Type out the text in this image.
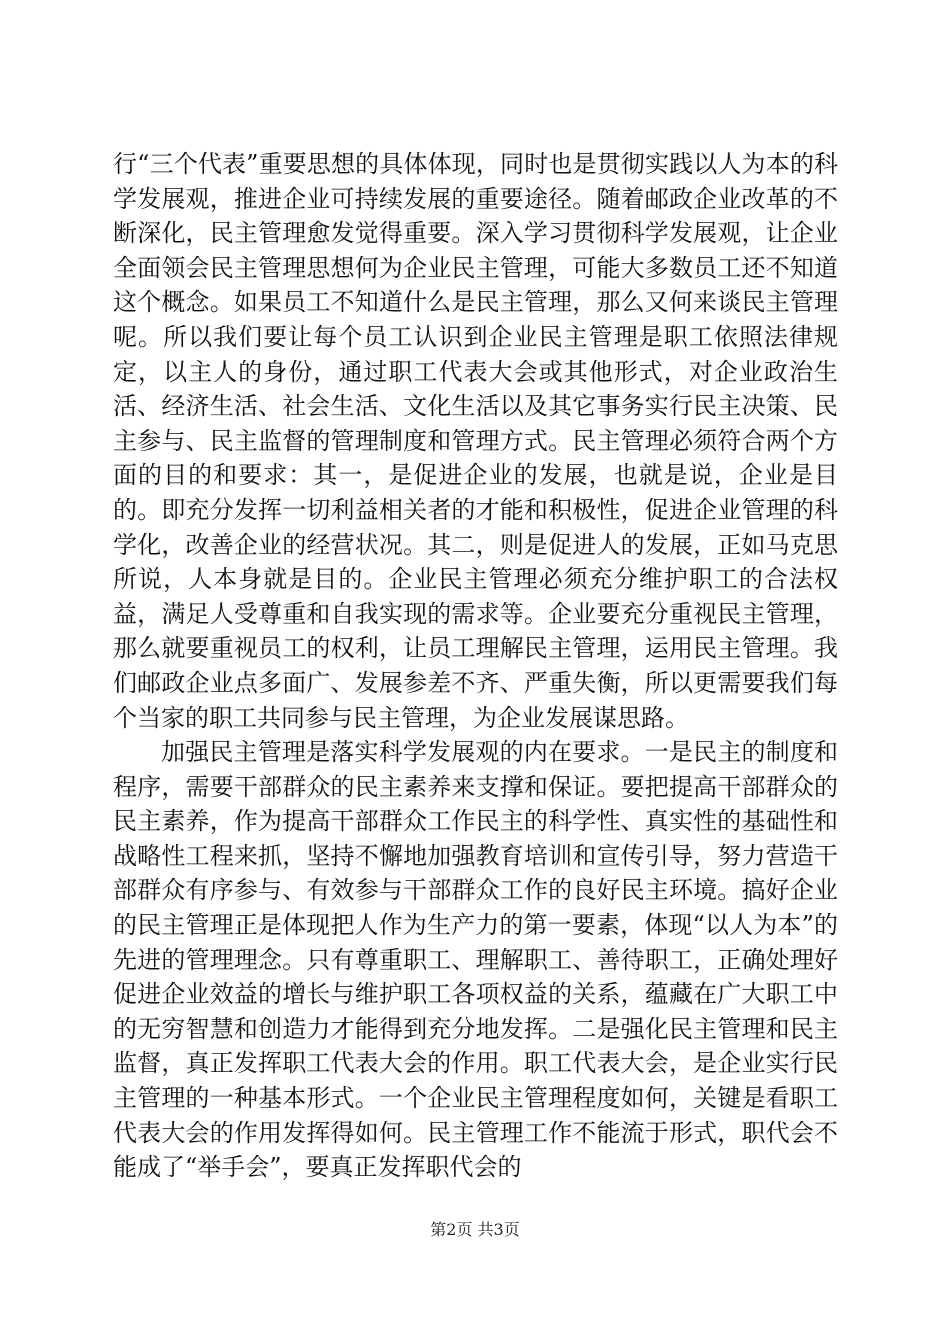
行“三个代表”重要思想的具体体现，同时也是贯彻实践以人为本的科学发展观，推进企业可持续发展的重要途径。随着邮政企业改革的不断深化，民主管理愈发觉得重要。深入学习贯彻科学发展观，让企业全面领会民主管理思想何为企业民主管理，可能大多数员工还不知道这个概念。如果员工不知道什么是民主管理，那么又何来谈民主管理呢。所以我们要让每个员工认识到企业民主管理是职工依照法律规定，以主人的身份，通过职工代表大会或其他形式，对企业政治生活、经济生活、社会生活、文化生活以及其它事务实行民主决策、民主参与、民主监督的管理制度和管理方式。民主管理必须符合两个方面的目的和要求：其一，是促进企业的发展，也就是说，企业是目的。即充分发挥一切利益相关者的才能和积极性，促进企业管理的科学化，改善企业的经营状况。其二，则是促进人的发展，正如马克思所说，人本身就是目的。企业民主管理必须充分维护职工的合法权益，满足人受尊重和自我实现的需求等。企业要充分重视民主管理，那么就要重视员工的权利，让员工理解民主管理，运用民主管理。我们邮政企业点多面广、发展参差不齐、严重失衡，所以更需要我们每个当家的职工共同参与民主管理，为企业发展谋思路。

加强民主管理是落实科学发展观的内在要求。一是民主的制度和程序，需要干部群众的民主素养来支撑和保证。要把提高干部群众的民主素养，作为提高干部群众工作民主的科学性、真实性的基础性和战略性工程来抓，坚持不懈地加强教育培训和宣传引导，努力营造干部群众有序参与、有效参与干部群众工作的良好民主环境。搞好企业的民主管理正是体现把人作为生产力的第一要素，体现“以人为本”的先进的管理理念。只有尊重职工、理解职工、善待职工，正确处理好促进企业效益的增长与维护职工各项权益的关系，蕴藏在广大职工中的无穷智慧和创造力才能得到充分地发挥。二是强化民主管理和民主监督，真正发挥职工代表大会的作用。职工代表大会，是企业实行民主管理的一种基本形式。一个企业民主管理程度如何，关键是看职工代表大会的作用发挥得如何。民主管理工作不能流于形式，职代会不能成了“举手会”，要真正发挥职代会的

第2页 共3页
